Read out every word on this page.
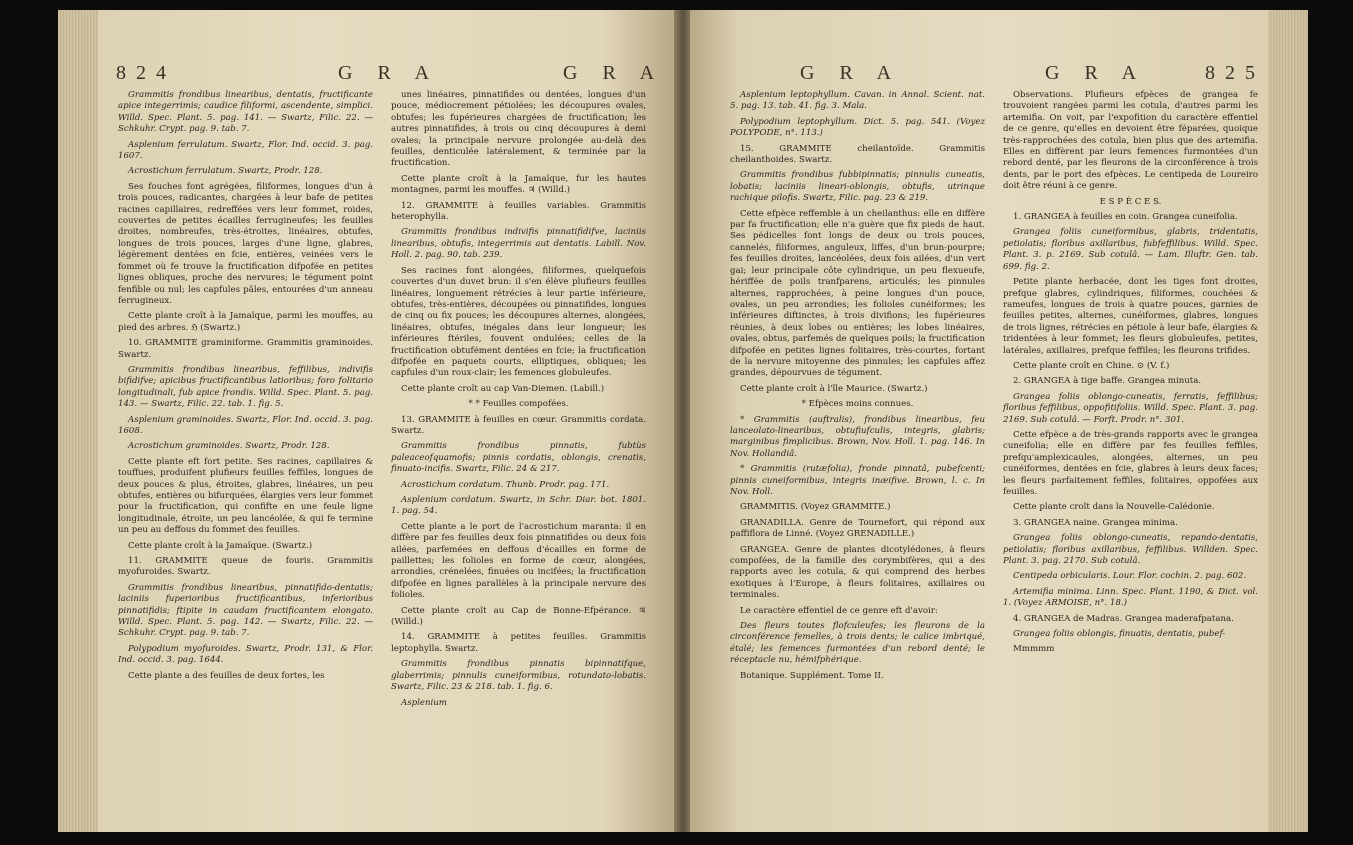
824	G R A	G R A

Grammitis frondibus linearibus, dentatis, fructificante apice integerrimis; caudice filiformi, ascendente, simplici. Willd. Spec. Plant. 5. pag. 141. — Swartz, Filic. 22. — Schkuhr. Crypt. pag. 9. tab. 7.

Asplenium ferrulatum. Swartz, Flor. Ind. occid. 3. pag. 1607.

Acrostichum ferrulatum. Swartz, Prodr. 128.

Ses fouches font agrégées, filiformes, longues d'un à trois pouces, radicantes, chargées à leur bafe de petites racines capillaires, redreffées vers leur fommet, roides, couvertes de petites écailles ferrugineufes; les feuilles droites, nombreufes, très-étroites, linéaires, obtufes, longues de trois pouces, larges d'une ligne, glabres, légèrement dentées en fcie, entières, veinées vers le fommet où fe trouve la fructification difpofée en petites lignes obliques, proche des nervures; le tégument point fenfible ou nul; les capfules pâles, entourées d'un anneau ferrugineux.

Cette plante croît à la Jamaïque, parmi les mouffes, au pied des arbres. ℌ (Swartz.)

10. GRAMMITE graminiforme. Grammitis graminoides. Swartz.

Grammitis frondibus linearibus, feffilibus, indivifis bifidifve; apicibus fructificantibus latioribus; foro folitario longitudinali, fub apice frondis. Willd. Spec. Plant. 5. pag. 143. — Swartz, Filic. 22. tab. 1. fig. 5.

Asplenium graminoides. Swartz, Flor. Ind. occid. 3. pag. 1608.

Acrostichum graminoides. Swartz, Prodr. 128.

Cette plante eft fort petite. Ses racines, capillaires & touffues, produifent plufieurs feuilles feffiles, longues de deux pouces & plus, étroites, glabres, linéaires, un peu obtufes, entières ou bifurquées, élargies vers leur fommet pour la fructification, qui confifte en une feule ligne longitudinale, étroite, un peu lancéolée, & qui fe termine un peu au deffous du fommet des feuilles.

Cette plante croît à la Jamaïque. (Swartz.)

11. GRAMMITE queue de fouris. Grammitis myofuroides. Swartz.

Grammitis frondibus linearibus, pinnatifido-dentatis; laciniis fuperioribus fructificantibus, inferioribus pinnatifidis; ftipite in caudam fructificantem elongato. Willd. Spec. Plant. 5. pag. 142. — Swartz, Filic. 22. — Schkuhr. Crypt. pag. 9. tab. 7.

Polypodium myofuroides. Swartz, Prodr. 131, & Flor. Ind. occid. 3. pag. 1644.

Cette plante a des feuilles de deux fortes, les

unes linéaires, pinnatifides ou dentées, longues d'un pouce, médiocrement pétiolées; les découpures ovales, obtufes; les fupérieures chargées de fructification; les autres pinnatifides, à trois ou cinq découpures à demi ovales; la principale nervure prolongée au-delà des feuilles, denticulée latéralement, & terminée par la fructification.

Cette plante croît à la Jamaïque, fur les hautes montagnes, parmi les mouffes. ♃ (Willd.)

12. GRAMMITE à feuilles variables. Grammitis heterophylla.

Grammitis frondibus indivifis pinnatifidifve, laciniis linearibus, obtufis, integerrimis aut dentatis. Labill. Nov. Holl. 2. pag. 90. tab. 239.

Ses racines font alongées, filiformes, quelquefois couvertes d'un duvet brun: il s'en élève plufieurs feuilles linéaires, longuement rétrécies à leur partie inférieure, obtufes, très-entières, découpées ou pinnatifides, longues de cinq ou fix pouces; les découpures alternes, alongées, linéaires, obtufes, inégales dans leur longueur; les inférieures ftériles, fouvent ondulées; celles de la fructification obtufément dentées en fcie; la fructification difpofée en paquets courts, elliptiques, obliques; les capfules d'un roux-clair; les femences globuleufes.

Cette plante croît au cap Van-Diemen. (Labill.)

* * Feuilles compofées.

13. GRAMMITE à feuilles en cœur. Grammitis cordata. Swartz.

Grammitis frondibus pinnatis, fubtùs paleaceofquamofis; pinnis cordatis, oblongis, crenatis, finuato-incifis. Swartz, Filic. 24 & 217.

Acrostichum cordatum. Thunb. Prodr. pag. 171.

Asplenium cordatum. Swartz, in Schr. Diar. bot. 1801. 1. pag. 54.

Cette plante a le port de l'acrostichum maranta: il en diffère par fes feuilles deux fois pinnatifides ou deux fois ailées, parfemées en deffous d'écailles en forme de paillettes; les folioles en forme de cœur, alongées, arrondies, crénelées, finuées ou incifées; la fructification difpofée en lignes parallèles à la principale nervure des folioles.

Cette plante croît au Cap de Bonne-Efpérance. ♃ (Willd.)

14. GRAMMITE à petites feuilles. Grammitis leptophylla. Swartz.

Grammitis frondibus pinnatis bipinnatifque, glaberrimis; pinnulis cuneiformibus, rotundato-lobatis. Swartz, Filic. 23 & 218. tab. 1. fig. 6.

Asplenium

G R A	G R A	825

Asplenium leptophyllum. Cavan. in Annal. Scient. nat. 5. pag. 13. tab. 41. fig. 3. Mala.

Polypodium leptophyllum. Dict. 5. pag. 541. (Voyez POLYPODE, n°. 113.)

15. GRAMMITE cheilantoïde. Grammitis cheilanthoides. Swartz.

Grammitis frondibus fubbipinnatis; pinnulis cuneatis, lobatis; laciniis lineari-oblongis, obtufis, utrinque rachique pilofis. Swartz, Filic. pag. 23 & 219.

Cette efpèce reffemble à un cheilanthus: elle en diffère par fa fructification; elle n'a guère que fix pieds de haut. Ses pédicelles font longs de deux ou trois pouces, cannelés, filiformes, anguleux, liffes, d'un brun-pourpre; fes feuilles droites, lancéolées, deux fois ailées, d'un vert gai; leur principale côte cylindrique, un peu flexueufe, hériffée de poils tranfparens, articulés; les pinnules alternes, rapprochées, à peine longues d'un pouce, ovales, un peu arrondies; les folioles cunéiformes; les inférieures diftinctes, à trois divifions; les fupérieures réunies, à deux lobes ou entières; les lobes linéaires, ovales, obtus, parfemés de quelques poils; la fructification difpofée en petites lignes folitaires, très-courtes, fortant de la nervure mitoyenne des pinnules; les capfules affez grandes, dépourvues de tégument.

Cette plante croît à l'île Maurice. (Swartz.)

* Efpèces moins connues.

* Grammitis (auftralis), frondibus linearibus, feu lanceolato-linearibus, obtufiufculis, integris, glabris; marginibus fimplicibus. Brown, Nov. Holl. 1. pag. 146. In Nov. Hollandiâ.

* Grammitis (rutæfolia), fronde pinnatâ, pubefcenti; pinnis cuneiformibus, integris inæifive. Brown, l. c. In Nov. Holl.

GRAMMITIS. (Voyez GRAMMITE.)

GRANADILLA. Genre de Tournefort, qui répond aux paffiflora de Linné. (Voyez GRENADILLE.)

GRANGEA. Genre de plantes dicotylédones, à fleurs compofées, de la famille des corymbifères, qui a des rapports avec les cotula, & qui comprend des herbes exotiques à l'Europe, à fleurs folitaires, axillaires ou terminales.

Le caractère effentiel de ce genre eft d'avoir:

Des fleurs toutes flofculeufes; les fleurons de la circonférence femelles, à trois dents; le calice imbriqué, étalé; les femences furmontées d'un rebord denté; le réceptacle nu, hémifphérique.

Botanique. Supplément. Tome II.

Observations. Plufieurs efpèces de grangea fe trouvoient rangées parmi les cotula, d'autres parmi les artemifia. On voit, par l'expofition du caractère effentiel de ce genre, qu'elles en devoient être féparées, quoique très-rapprochées des cotula, bien plus que des artemifia. Elles en diffèrent par leurs femences furmontées d'un rebord denté, par les fleurons de la circonférence à trois dents, par le port des efpèces. Le centipeda de Loureiro doit être réuni à ce genre.

E S P È C E S.

1. GRANGEA à feuilles en coin. Grangea cuneifolia.

Grangea foliis cuneiformibus, glabris, tridentatis, petiolatis; floribus axillaribus, fubfeffilibus. Willd. Spec. Plant. 3. p. 2169. Sub cotulâ. — Lam. Illuftr. Gen. tab. 699. fig. 2.

Petite plante herbacée, dont les tiges font droites, prefque glabres, cylindriques, filiformes, couchées & rameufes, longues de trois à quatre pouces, garnies de feuilles petites, alternes, cunéiformes, glabres, longues de trois lignes, rétrécies en pétiole à leur bafe, élargies & tridentées à leur fommet; les fleurs globuleufes, petites, latérales, axillaires, prefque feffiles; les fleurons trifides.

Cette plante croît en Chine. ⊙ (V. f.)

2. GRANGEA à tige baffe. Grangea minuta.

Grangea foliis oblongo-cuneatis, ferratis, feffilibus; floribus feffilibus, oppofitifoliis. Willd. Spec. Plant. 3. pag. 2169. Sub cotulâ. — Forft. Prodr. n°. 301.

Cette efpèce a de très-grands rapports avec le grangea cuneifolia; elle en diffère par fes feuilles feffiles, prefqu'amplexicaules, alongées, alternes, un peu cunéiformes, dentées en fcie, glabres à leurs deux faces; les fleurs parfaitement feffiles, folitaires, oppofées aux feuilles.

Cette plante croît dans la Nouvelle-Calédonie.

3. GRANGEA naine. Grangea minima.

Grangea foliis oblongo-cuneatis, repando-dentatis, petiolatis; floribus axillaribus, feffilibus. Willden. Spec. Plant. 3. pag. 2170. Sub cotulâ.

Centipeda orbicularis. Lour. Flor. cochin. 2. pag. 602.

Artemifia minima. Linn. Spec. Plant. 1190, & Dict. vol. 1. (Voyez ARMOISE, n°. 18.)

4. GRANGEA de Madras. Grangea maderafpatana.

Grangea foliis oblongis, finuatis, dentatis, pubef-

Mmmmm
